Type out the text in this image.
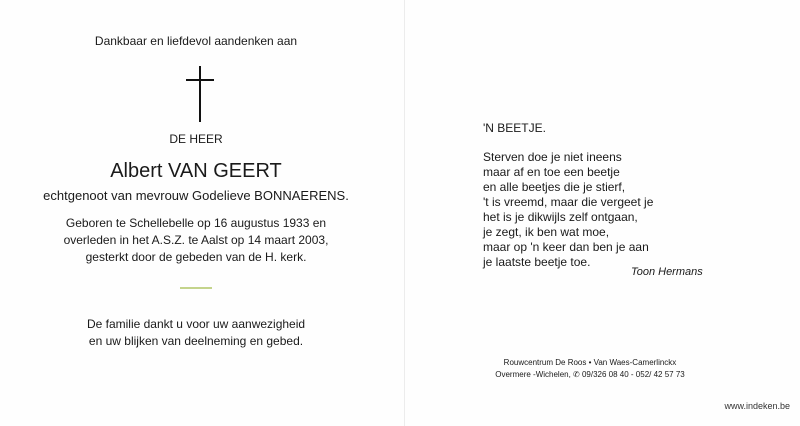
Dankbaar en liefdevol aandenken aan
DE HEER
Albert VAN GEERT
echtgenoot van mevrouw Godelieve BONNAERENS.
Geboren te Schellebelle op 16 augustus 1933 en
overleden in het A.S.Z. te Aalst op 14 maart 2003,
gesterkt door de gebeden van de H. kerk.
De familie dankt u voor uw aanwezigheid
en uw blijken van deelneming en gebed.
'N BEETJE.
Sterven doe je niet ineens
maar af en toe een beetje
en alle beetjes die je stierf,
't is vreemd, maar die vergeet je
het is je dikwijls zelf ontgaan,
je zegt, ik ben wat moe,
maar op 'n keer dan ben je aan
je laatste beetje toe.
Toon Hermans
Rouwcentrum De Roos • Van Waes-Camerlinckx
Overmere -Wichelen, ✆ 09/326 08 40 - 052/ 42 57 73
www.indeken.be
